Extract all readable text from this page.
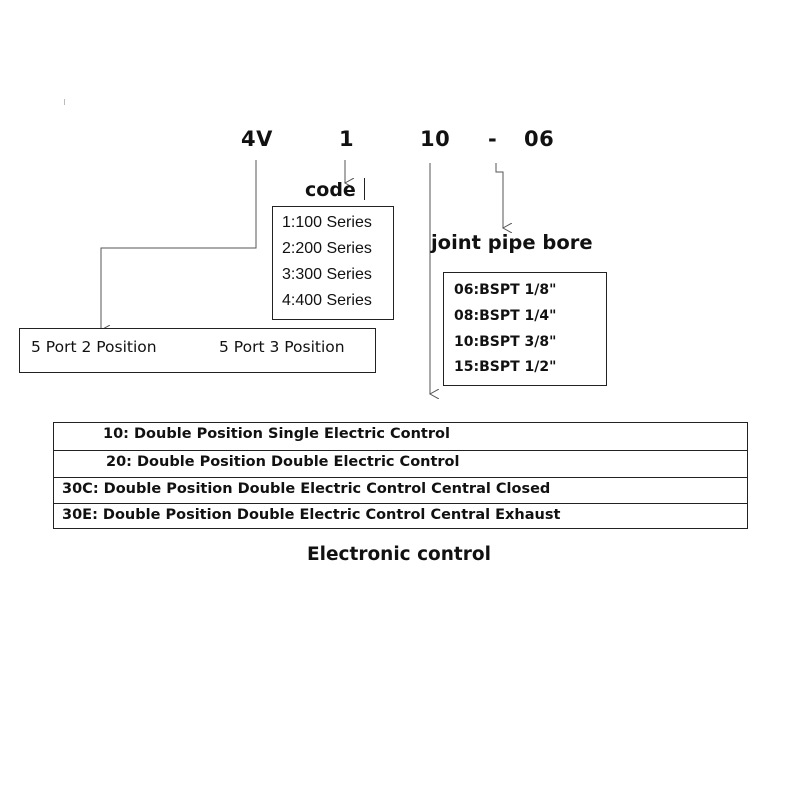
4V	1	10 - 06
code
1:100 Series
2:200 Series
3:300 Series
4:400 Series
joint pipe bore
06:BSPT 1/8"
08:BSPT 1/4"
10:BSPT 3/8"
15:BSPT 1/2"
5 Port 2 Position	5 Port 3 Position
10: Double Position Single Electric Control
20: Double Position Double Electric Control
30C: Double Position Double Electric Control Central Closed
30E: Double Position Double Electric Control Central Exhaust
Electronic control
